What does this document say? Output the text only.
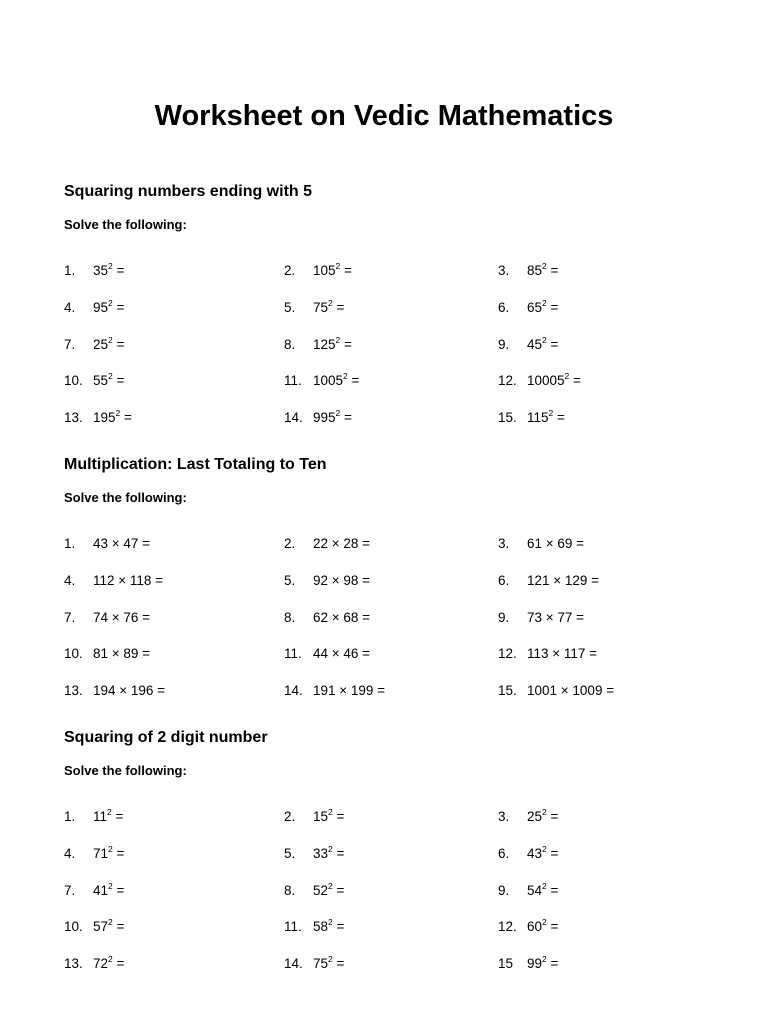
Worksheet on Vedic Mathematics
Squaring numbers ending with 5
Solve the following:
1. $35^2$ =	2. $105^2$ =	3. $85^2$ =
4. $95^2$ =	5. $75^2$ =	6. $65^2$ =
7. $25^2$ =	8. $125^2$ =	9. $45^2$ =
10. $55^2$ =	11. $1005^2$ =	12. $10005^2$ =
13. $195^2$ =	14. $995^2$ =	15. $115^2$ =
Multiplication: Last Totaling to Ten
Solve the following:
1. 43 × 47 =	2. 22 × 28 =	3. 61 × 69 =
4. 112 × 118 =	5. 92 × 98 =	6. 121 × 129 =
7. 74 × 76 =	8. 62 × 68 =	9. 73 × 77 =
10. 81 × 89 =	11. 44 × 46 =	12. 113 × 117 =
13. 194 × 196 =	14. 191 × 199 =	15. 1001 × 1009 =
Squaring of 2 digit number
Solve the following:
1. $11^2$ =	2. $15^2$ =	3. $25^2$ =
4. $71^2$ =	5. $33^2$ =	6. $43^2$ =
7. $41^2$ =	8. $52^2$ =	9. $54^2$ =
10. $57^2$ =	11. $58^2$ =	12. $60^2$ =
13. $72^2$ =	14. $75^2$ =	15 $99^2$ =
